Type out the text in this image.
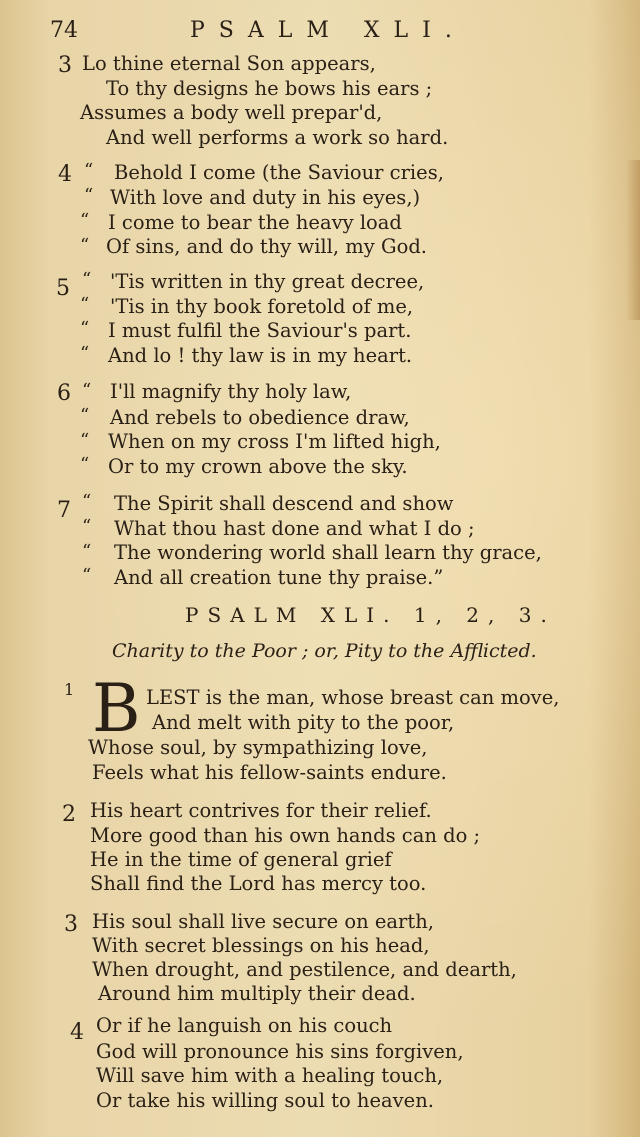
74	PSALM XLI.
3 Lo thine eternal Son appears,
To thy designs he bows his ears ;
Assumes a body well prepar'd,
And well performs a work so hard.
4 “
“
“
“
Behold I come (the Saviour cries,
With love and duty in his eyes,)
I come to bear the heavy load
Of sins, and do thy will, my God.
5 “
“
“
“
'Tis written in thy great decree,
'Tis in thy book foretold of me,
I must fulfil the Saviour's part.
And lo ! thy law is in my heart.
6 “
“
“
“
I'll magnify thy holy law,
And rebels to obedience draw,
When on my cross I'm lifted high,
Or to my crown above the sky.
7 “
“
“
“
The Spirit shall descend and show
What thou hast done and what I do ;
The wondering world shall learn thy grace,
And all creation tune thy praise.”
PSALM XLI. 1, 2, 3.
Charity to the Poor ; or, Pity to the Afflicted.
1 B LEST is the man, whose breast can move,
And melt with pity to the poor,
Whose soul, by sympathizing love,
Feels what his fellow-saints endure.
2 His heart contrives for their relief.
More good than his own hands can do ;
He in the time of general grief
Shall find the Lord has mercy too.
3 His soul shall live secure on earth,
With secret blessings on his head,
When drought, and pestilence, and dearth,
Around him multiply their dead.
4 Or if he languish on his couch
God will pronounce his sins forgiven,
Will save him with a healing touch,
Or take his willing soul to heaven.
